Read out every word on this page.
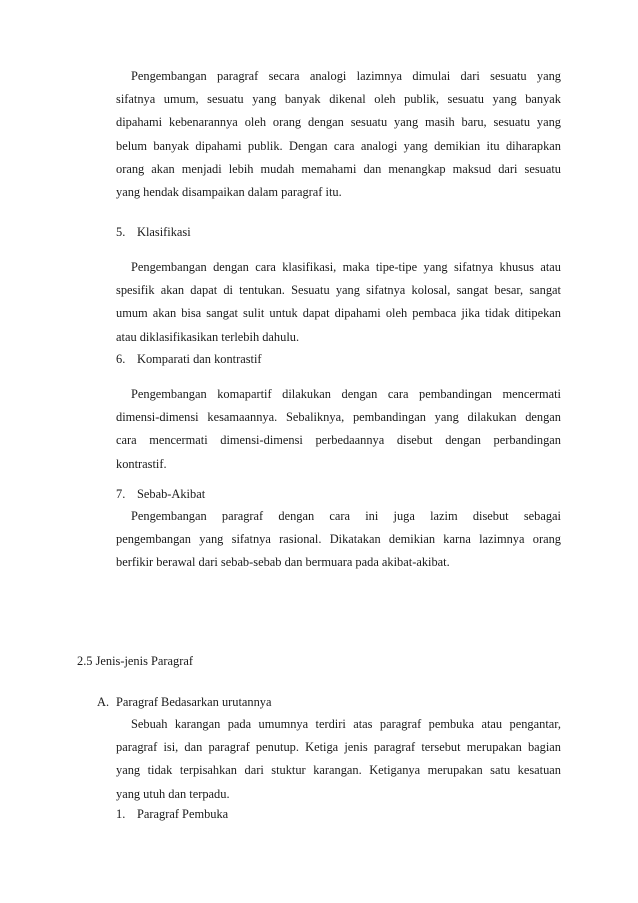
Pengembangan paragraf secara analogi lazimnya dimulai dari sesuatu yang
sifatnya umum, sesuatu yang banyak dikenal oleh publik, sesuatu yang banyak
dipahami kebenarannya oleh orang dengan sesuatu yang masih baru, sesuatu yang
belum banyak dipahami publik. Dengan cara analogi yang demikian itu diharapkan
orang akan menjadi lebih mudah memahami dan menangkap maksud dari sesuatu
yang hendak disampaikan dalam paragraf itu.

5. Klasifikasi

Pengembangan dengan cara klasifikasi, maka tipe-tipe yang sifatnya khusus atau
spesifik akan dapat di tentukan. Sesuatu yang sifatnya kolosal, sangat besar, sangat
umum akan bisa sangat sulit untuk dapat dipahami oleh pembaca jika tidak ditipekan
atau diklasifikasikan terlebih dahulu.

6. Komparati dan kontrastif

Pengembangan komapartif dilakukan dengan cara pembandingan mencermati
dimensi-dimensi kesamaannya. Sebaliknya, pembandingan yang dilakukan dengan
cara mencermati dimensi-dimensi perbedaannya disebut dengan perbandingan
kontrastif.

7. Sebab-Akibat

Pengembangan paragraf dengan cara ini juga lazim disebut sebagai
pengembangan yang sifatnya rasional. Dikatakan demikian karna lazimnya orang
berfikir berawal dari sebab-sebab dan bermuara pada akibat-akibat.

2.5 Jenis-jenis Paragraf
A. Paragraf Bedasarkan urutannya

Sebuah karangan pada umumnya terdiri atas paragraf pembuka atau pengantar,
paragraf isi, dan paragraf penutup. Ketiga jenis paragraf tersebut merupakan bagian
yang tidak terpisahkan dari stuktur karangan. Ketiganya merupakan satu kesatuan
yang utuh dan terpadu.

1. Paragraf Pembuka
